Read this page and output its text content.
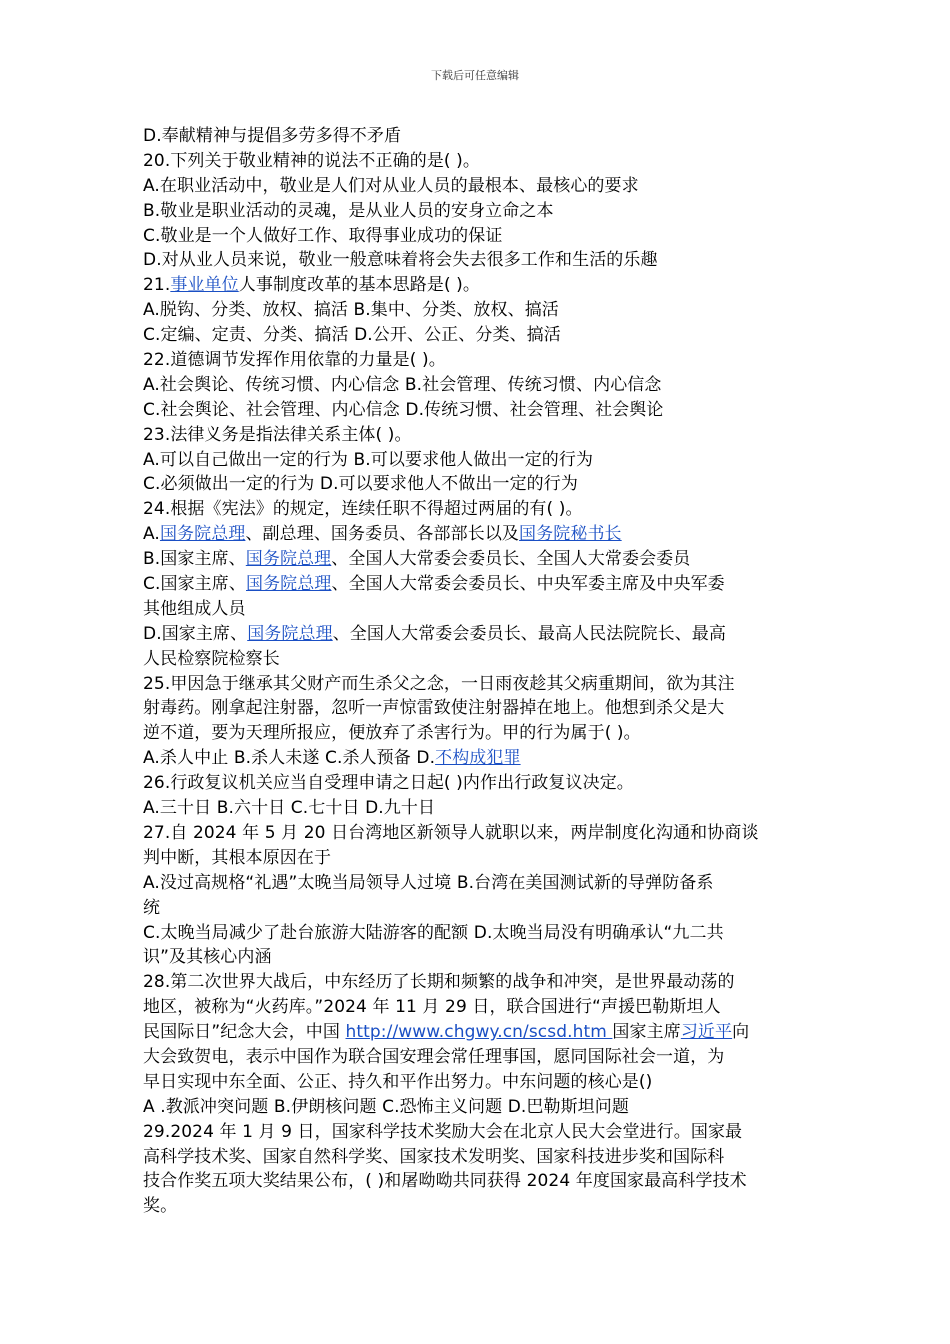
下载后可任意编辑
D.奉献精神与提倡多劳多得不矛盾
20.下列关于敬业精神的说法不正确的是( )。
A.在职业活动中，敬业是人们对从业人员的最根本、最核心的要求
B.敬业是职业活动的灵魂，是从业人员的安身立命之本
C.敬业是一个人做好工作、取得事业成功的保证
D.对从业人员来说，敬业一般意味着将会失去很多工作和生活的乐趣
21.事业单位人事制度改革的基本思路是( )。
A.脱钩、分类、放权、搞活 B.集中、分类、放权、搞活
C.定编、定责、分类、搞活 D.公开、公正、分类、搞活
22.道德调节发挥作用依靠的力量是( )。
A.社会舆论、传统习惯、内心信念 B.社会管理、传统习惯、内心信念
C.社会舆论、社会管理、内心信念 D.传统习惯、社会管理、社会舆论
23.法律义务是指法律关系主体( )。
A.可以自己做出一定的行为 B.可以要求他人做出一定的行为
C.必须做出一定的行为 D.可以要求他人不做出一定的行为
24.根据《宪法》的规定，连续任职不得超过两届的有( )。
A.国务院总理、副总理、国务委员、各部部长以及国务院秘书长
B.国家主席、国务院总理、全国人大常委会委员长、全国人大常委会委员
C.国家主席、国务院总理、全国人大常委会委员长、中央军委主席及中央军委
其他组成人员
D.国家主席、国务院总理、全国人大常委会委员长、最高人民法院院长、最高
人民检察院检察长
25.甲因急于继承其父财产而生杀父之念，一日雨夜趁其父病重期间，欲为其注
射毒药。刚拿起注射器，忽听一声惊雷致使注射器掉在地上。他想到杀父是大
逆不道，要为天理所报应，便放弃了杀害行为。甲的行为属于( )。
A.杀人中止 B.杀人未遂 C.杀人预备 D.不构成犯罪
26.行政复议机关应当自受理申请之日起( )内作出行政复议决定。
A.三十日 B.六十日 C.七十日 D.九十日
27.自 2024 年 5 月 20 日台湾地区新领导人就职以来，两岸制度化沟通和协商谈
判中断，其根本原因在于
A.没过高规格“礼遇”太晚当局领导人过境 B.台湾在美国测试新的导弹防备系
统
C.太晚当局减少了赴台旅游大陆游客的配额 D.太晚当局没有明确承认“九二共
识”及其核心内涵
28.第二次世界大战后，中东经历了长期和频繁的战争和冲突，是世界最动荡的
地区，被称为“火药库。”2024 年 11 月 29 日，联合国进行“声援巴勒斯坦人
民国际日”纪念大会，中国 http://www.chgwy.cn/scsd.htm 国家主席习近平向
大会致贺电，表示中国作为联合国安理会常任理事国，愿同国际社会一道，为
早日实现中东全面、公正、持久和平作出努力。中东问题的核心是()
A .教派冲突问题 B.伊朗核问题 C.恐怖主义问题 D.巴勒斯坦问题
29.2024 年 1 月 9 日，国家科学技术奖励大会在北京人民大会堂进行。国家最
高科学技术奖、国家自然科学奖、国家技术发明奖、国家科技进步奖和国际科
技合作奖五项大奖结果公布，( )和屠呦呦共同获得 2024 年度国家最高科学技术
奖。
